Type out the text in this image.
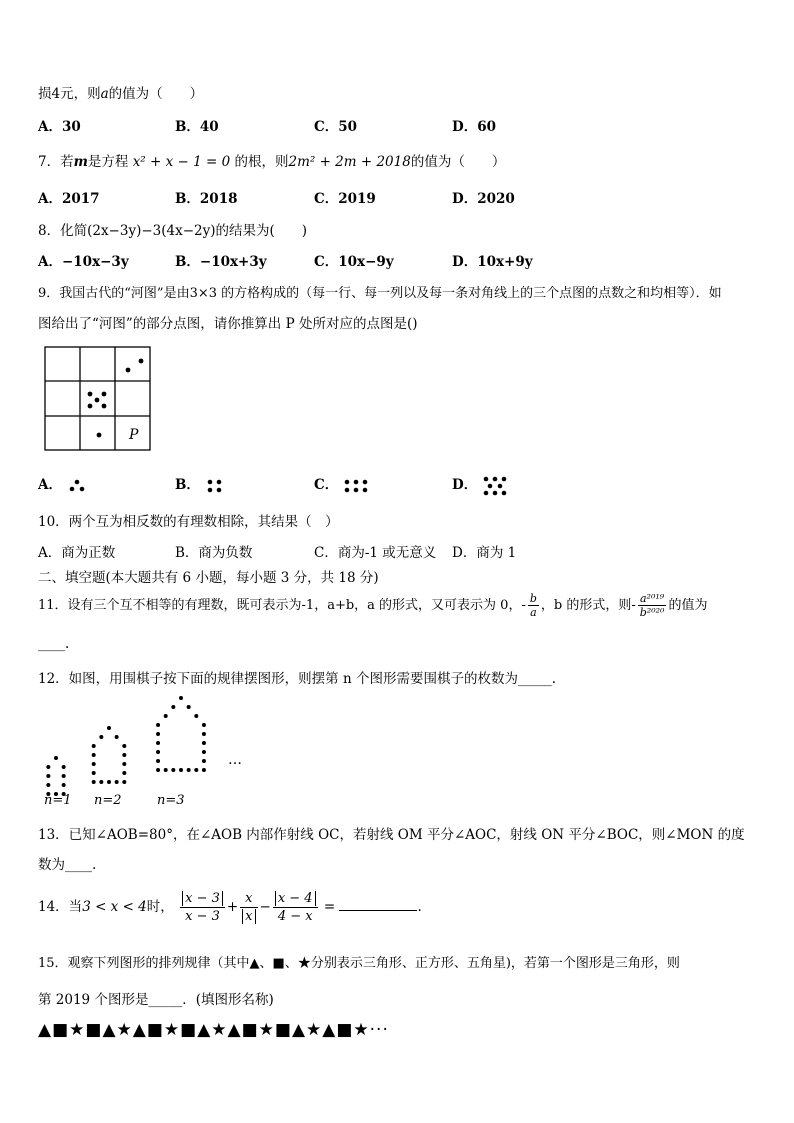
损4元，则a的值为（　　）
A．30	B．40	C．50	D．60
7．若m是方程 x² + x − 1 = 0 的根，则2m² + 2m + 2018的值为（　　）
A．2017	B．2018	C．2019	D．2020
8．化简(2x−3y)−3(4x−2y)的结果为(　　)
A．−10x−3y	B．−10x+3y	C．10x−9y	D．10x+9y
9．我国古代的“河图”是由3×3 的方格构成的（每一行、每一列以及每一条对角线上的三个点图的点数之和均相等）．如
图给出了“河图”的部分点图，请你推算出 P 处所对应的点图是()
P
A．	B．	C．	D．
10．两个互为相反数的有理数相除，其结果（　）
A．商为正数	B．商为负数	C．商为-1 或无意义 D．商为 1
二、填空题(本大题共有 6 小题，每小题 3 分，共 18 分)
11．设有三个互不相等的有理数，既可表示为-1，a+b，a 的形式，又可表示为 0，- $\frac{b}{a}$ ，b 的形式，则- $\frac{\text{a²⁰¹⁹}}{\text{b²⁰²⁰}}$ 的值为
____.
12．如图，用围棋子按下面的规律摆图形，则摆第 n 个图形需要围棋子的枚数为_____.
n=1 n=2	n=3
…
13．已知∠AOB=80°，在∠AOB 内部作射线 OC，若射线 OM 平分∠AOC，射线 ON 平分∠BOC，则∠MON 的度
数为____.
14．当3 < x < 4时， $\frac{x - 3}{x - 3} + \frac{x}{x} - \frac{x - 4}{4 - x}$ =	.
15．观察下列图形的排列规律（其中▲、■、★分别表示三角形、正方形、五角星)，若第一个图形是三角形，则
第 2019 个图形是_____．(填图形名称)
▲■★■▲★▲■★■▲★▲■★■▲★▲■★···
